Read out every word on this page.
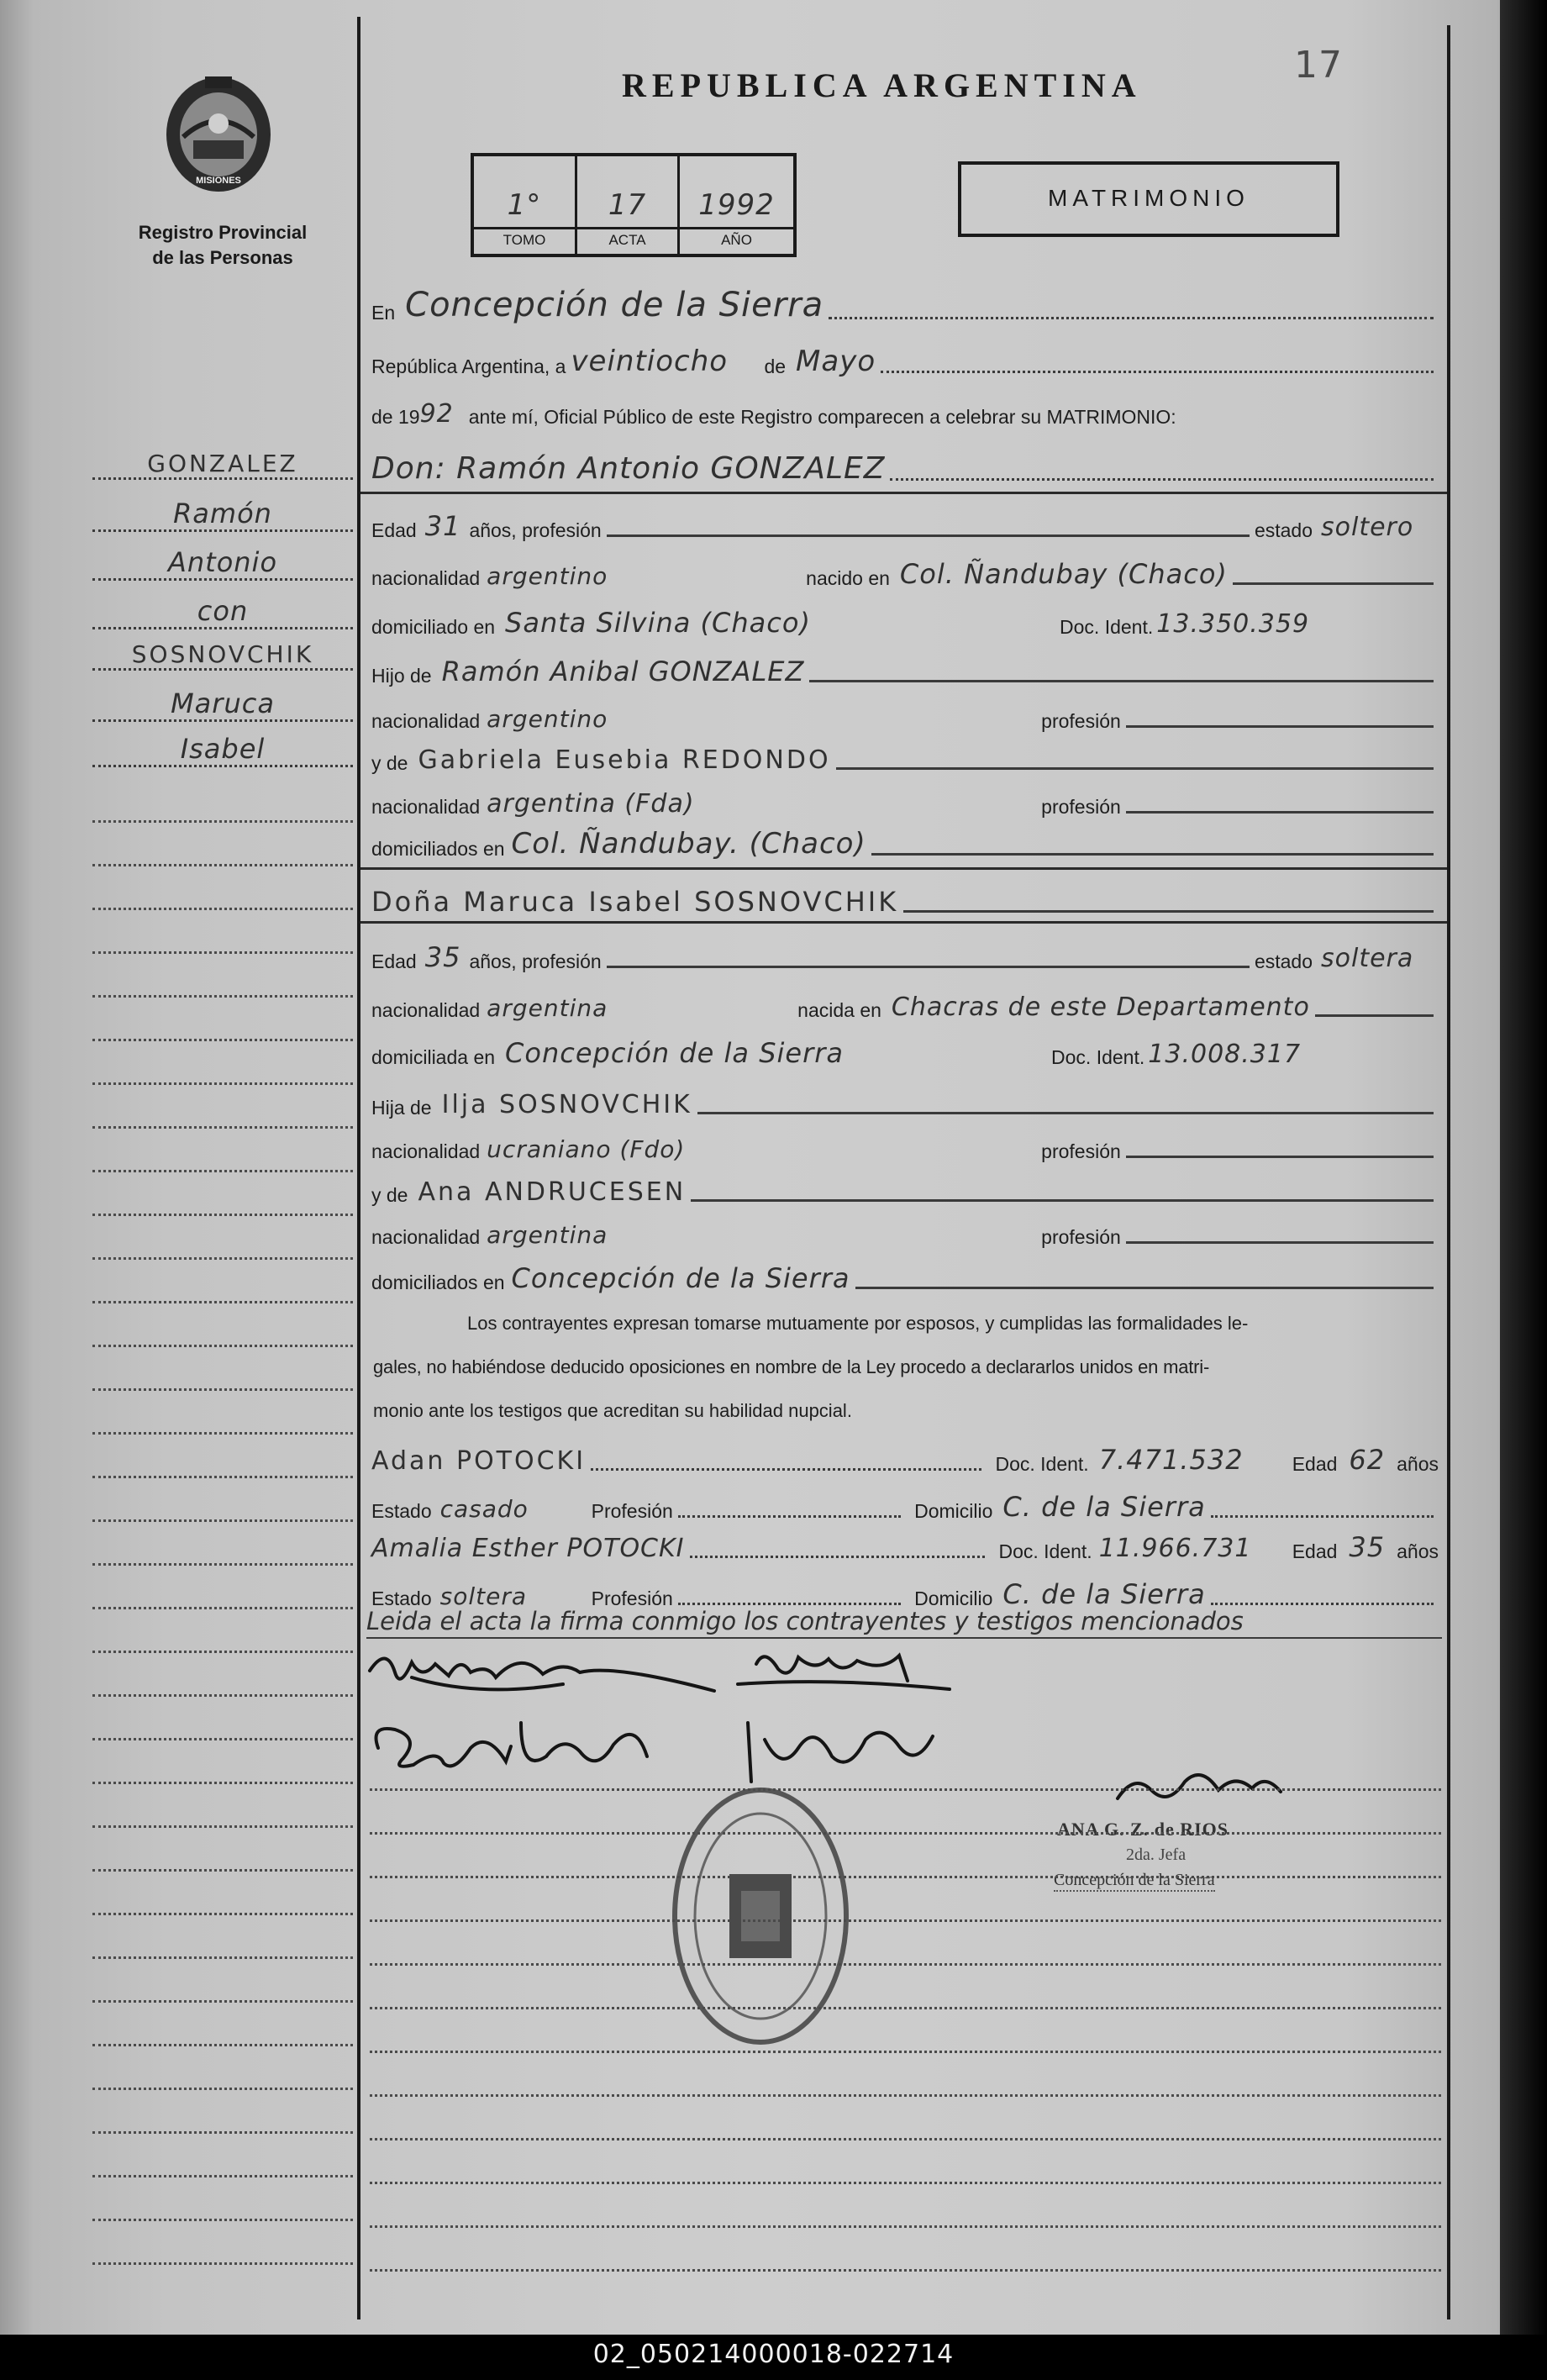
REPUBLICA ARGENTINA	17
MISIONES
Registro Provincial
de las Personas
1°	17	1992
TOMO	ACTA	AÑO
MATRIMONIO
En Concepción de la Sierra
República Argentina, a veintiocho	de Mayo
de 19 92 ante mí, Oficial Público de este Registro comparecen a celebrar su MATRIMONIO:
Don: Ramón Antonio GONZALEZ
Edad 31 años, profesión	estado soltero
nacionalidad argentino	nacido en Col. Ñandubay (Chaco)
domiciliado en Santa Silvina (Chaco)	Doc. Ident. 13.350.359
Hijo de Ramón Anibal GONZALEZ
nacionalidad argentino	profesión
y de Gabriela Eusebia REDONDO
nacionalidad argentina (Fda)	profesión
domiciliados en Col. Ñandubay. (Chaco)
Doña Maruca Isabel SOSNOVCHIK
Edad 35 años, profesión	estado soltera
nacionalidad argentina	nacida en Chacras de este Departamento
domiciliada en Concepción de la Sierra	Doc. Ident. 13.008.317
Hija de Ilja SOSNOVCHIK
nacionalidad ucraniano (Fdo)	profesión
y de Ana ANDRUCESEN
nacionalidad argentina	profesión
domiciliados en Concepción de la Sierra
Los contrayentes expresan tomarse mutuamente por esposos, y cumplidas las formalidades le-
gales, no habiéndose deducido oposiciones en nombre de la Ley procedo a declararlos unidos en matri-
monio ante los testigos que acreditan su habilidad nupcial.
Adan POTOCKI	Doc. Ident. 7.471.532	Edad 62 años
Estado casado	Profesión	Domicilio C. de la Sierra
Amalia Esther POTOCKI	Doc. Ident. 11.966.731	Edad 35 años
Estado soltera	Profesión	Domicilio C. de la Sierra
Leida el acta la firma conmigo los contrayentes y testigos mencionados
ANA G. Z. de RIOS
2da. Jefa
Concepción de la Sierra
GONZALEZ
Ramón
Antonio
con
SOSNOVCHIK
Maruca
Isabel
02_050214000018-022714
